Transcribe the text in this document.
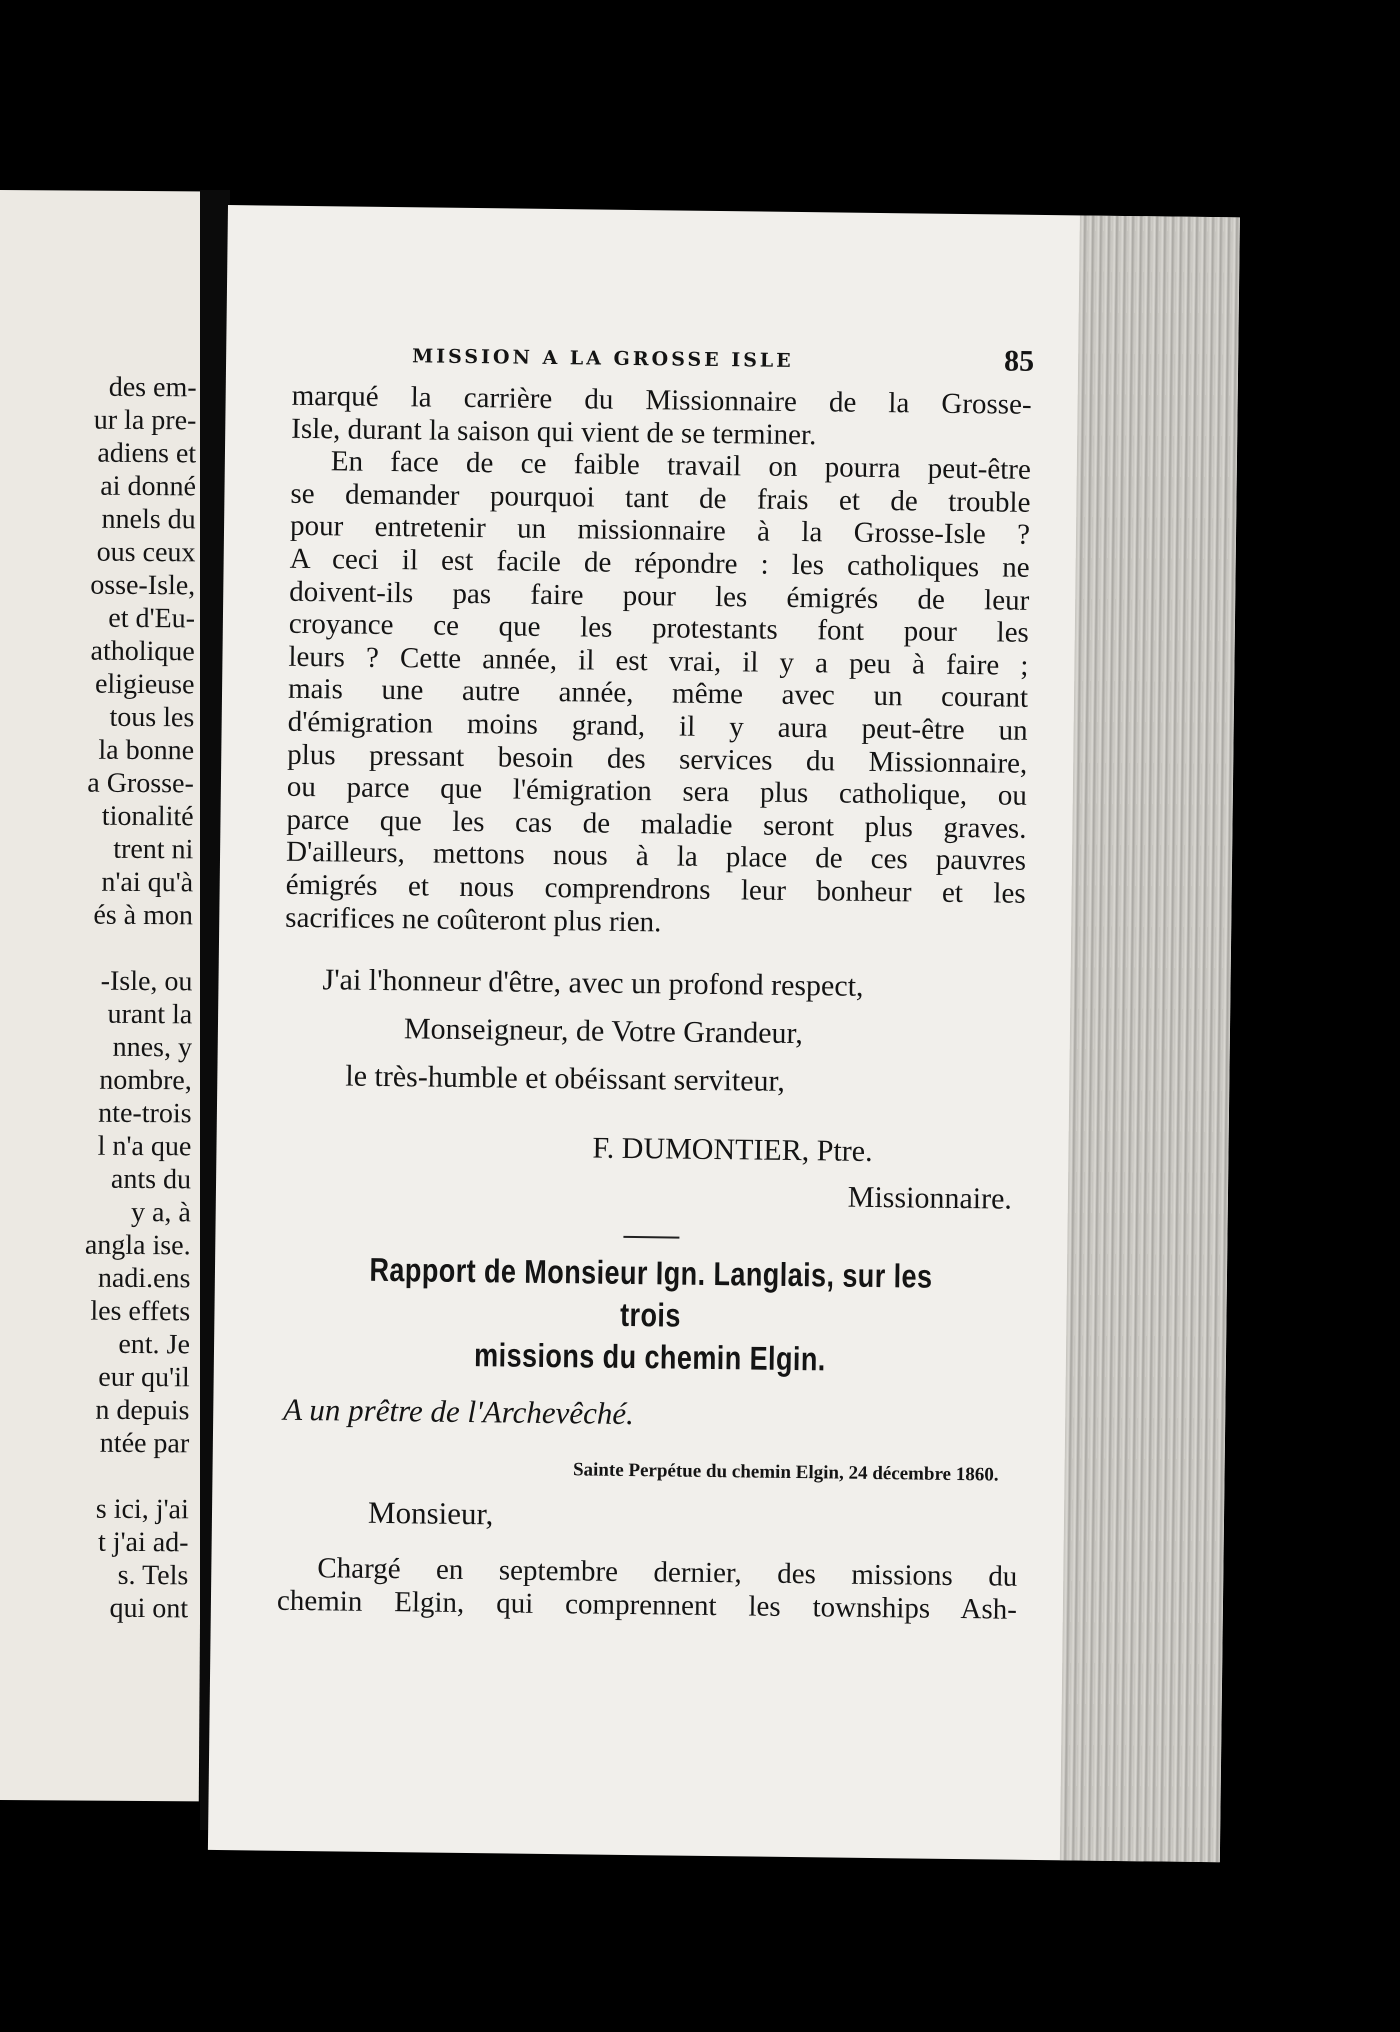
des em-
ur la pre-
adiens et
ai donné
nnels du
ous ceux
osse-Isle,
et d'Eu-
atholique
eligieuse
tous les
la bonne
a Grosse-
tionalité
trent ni
n'ai qu'à
és à mon
-Isle, ou
urant la
nnes, y
nombre,
nte-trois
l n'a que
ants du
y a, à
angla ise.
nadi.ens
les effets
ent. Je
eur qu'il
n depuis
ntée par
s ici, j'ai
t j'ai ad-
s. Tels
qui ont
MISSION A LA GROSSE ISLE	85
marqué la carrière du Missionnaire de la Grosse-
Isle, durant la saison qui vient de se terminer.
En face de ce faible travail on pourra peut-être
se demander pourquoi tant de frais et de trouble
pour entretenir un missionnaire à la Grosse-Isle ?
A ceci il est facile de répondre : les catholiques ne
doivent-ils pas faire pour les émigrés de leur
croyance ce que les protestants font pour les
leurs ? Cette année, il est vrai, il y a peu à faire ;
mais une autre année, même avec un courant
d'émigration moins grand, il y aura peut-être un
plus pressant besoin des services du Missionnaire,
ou parce que l'émigration sera plus catholique, ou
parce que les cas de maladie seront plus graves.
D'ailleurs, mettons nous à la place de ces pauvres
émigrés et nous comprendrons leur bonheur et les
sacrifices ne coûteront plus rien.
J'ai l'honneur d'être, avec un profond respect,
Monseigneur, de Votre Grandeur,
le très-humble et obéissant serviteur,
F. DUMONTIER, Ptre.
Missionnaire.
Rapport de Monsieur Ign. Langlais, sur les trois
missions du chemin Elgin.
A un prêtre de l'Archevêché.
Sainte Perpétue du chemin Elgin, 24 décembre 1860.
Monsieur,
Chargé en septembre dernier, des missions du
chemin Elgin, qui comprennent les townships Ash-
